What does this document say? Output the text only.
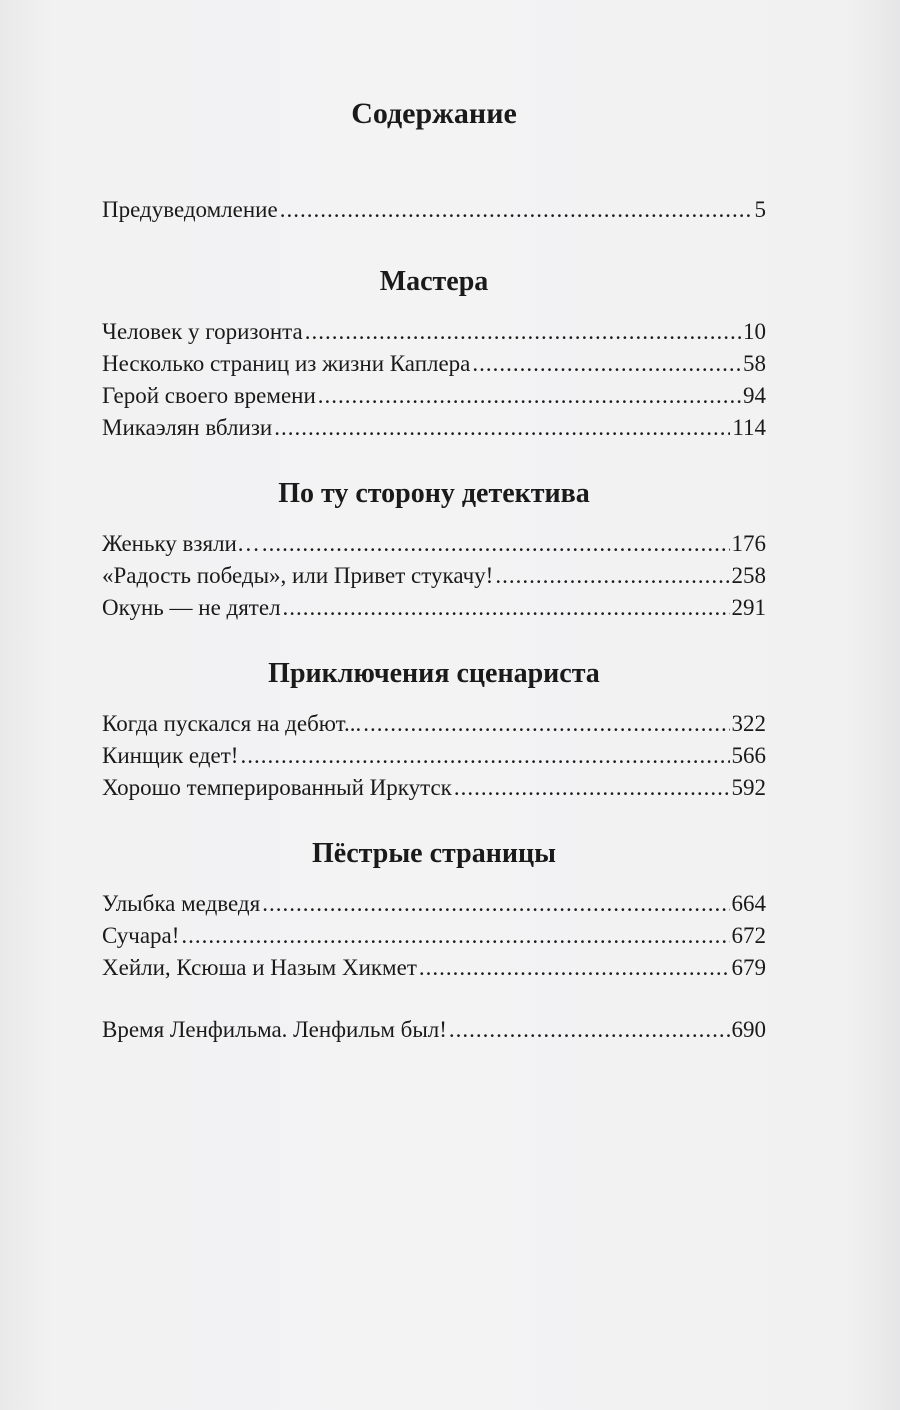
Содержание
Предуведомление .....	5
Мастера
Человек у горизонта .....	10
Несколько страниц из жизни Каплера .....	58
Герой своего времени .....	94
Микаэлян вблизи .....	114
По ту сторону детектива
Женьку взяли… .....	176
«Радость победы», или Привет стукачу! .....	258
Окунь — не дятел .....	291
Приключения сценариста
Когда пускался на дебют... .....	322
Кинщик едет! .....	566
Хорошо темперированный Иркутск .....	592
Пёстрые страницы
Улыбка медведя .....	664
Сучара! .....	672
Хейли, Ксюша и Назым Хикмет .....	679
Время Ленфильма. Ленфильм был! .....	690
